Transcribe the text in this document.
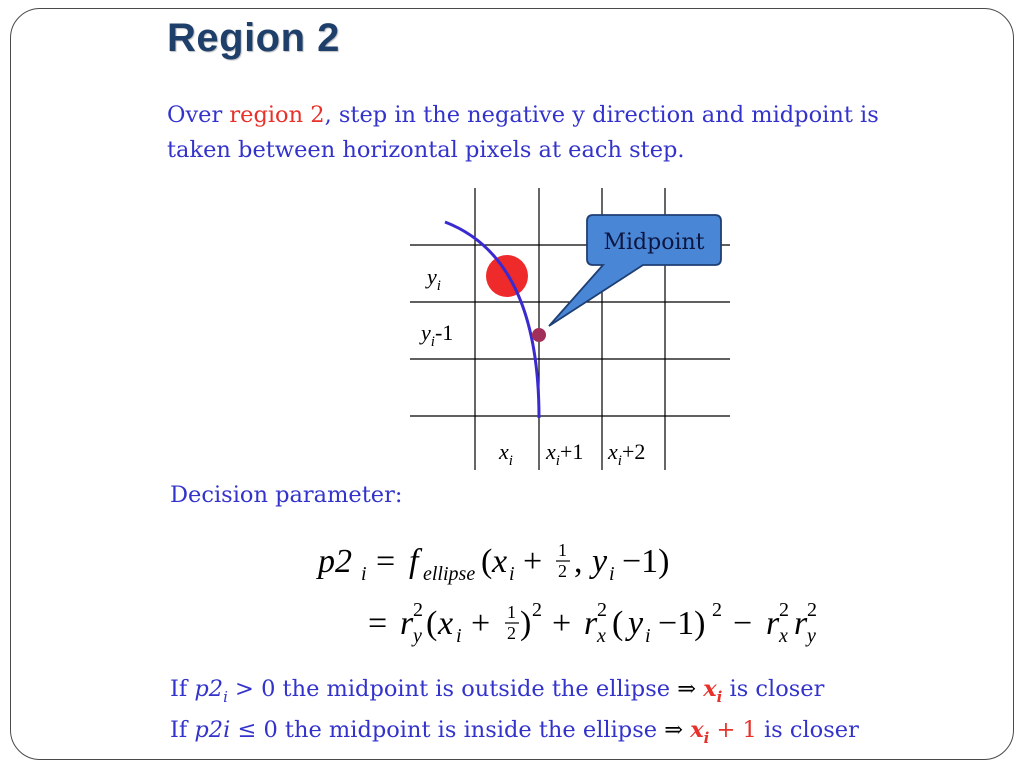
Region 2
Over region 2, step in the negative y direction and midpoint is
taken between horizontal pixels at each step.
Midpoint
$y_i$
$y_i-1$
$x_i$ $x_i+1$ $x_i+2$
Decision parameter:
p2 i = f ellipse ( x i + 1
2 , y i −1)
= r 2
y ( x i + 1
2 ) 2 + r 2
x ( y i −1) 2 − r 2
x r 2
y
If $p2_i > 0$ the midpoint is outside the ellipse ⇒ $x_i$ is closer
If p2i ≤ 0 the midpoint is inside the ellipse ⇒ $x_i + 1$ is closer
